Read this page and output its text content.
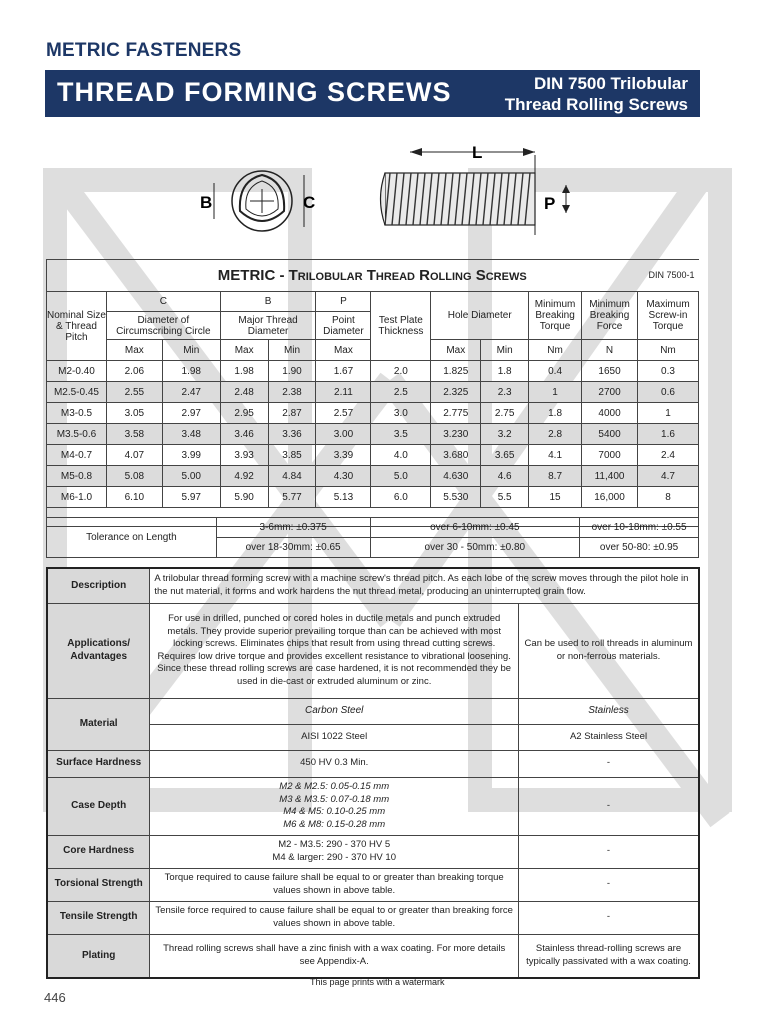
METRIC FASTENERS
THREAD FORMING SCREWS	DIN 7500 Trilobular
Thread Rolling Screws
B	C
L
P
METRIC - Trilobular Thread Rolling Screws											DIN 7500-1
Nominal Size & Thread Pitch	C		B		P	Test Plate Thickness	Hole Diameter		Minimum Breaking Torque	Minimum Breaking Force	Maximum Screw-in Torque
	Diameter of Circumscribing Circle		Major Thread Diameter		Point Diameter						
	Max	Min	Max	Min	Max		Max	Min	Nm	N	Nm
M2-0.40	2.06	1.98	1.98	1.90	1.67	2.0	1.825	1.8	0.4	1650	0.3
M2.5-0.45	2.55	2.47	2.48	2.38	2.11	2.5	2.325	2.3	1	2700	0.6
M3-0.5	3.05	2.97	2.95	2.87	2.57	3.0	2.775	2.75	1.8	4000	1
M3.5-0.6	3.58	3.48	3.46	3.36	3.00	3.5	3.230	3.2	2.8	5400	1.6
M4-0.7	4.07	3.99	3.93	3.85	3.39	4.0	3.680	3.65	4.1	7000	2.4
M5-0.8	5.08	5.00	4.92	4.84	4.30	5.0	4.630	4.6	8.7	11,400	4.7
M6-1.0	6.10	5.97	5.90	5.77	5.13	6.0	5.530	5.5	15	16,000	8

Tolerance on Length	3-6mm: ±0.375	over 6-10mm: ±0.45	over 10-18mm: ±0.55
	over 18-30mm: ±0.65	over 30 - 50mm: ±0.80	over 50-80: ±0.95
Description	A trilobular thread forming screw with a machine screw's thread pitch. As each lobe of the screw moves through the pilot hole in the nut material, it forms and work hardens the nut thread metal, producing an uninterrupted grain flow.	
Applications/ Advantages	For use in drilled, punched or cored holes in ductile metals and punch extruded metals. They provide superior prevailing torque than can be achieved with most locking screws. Eliminates chips that result from using thread cutting screws. Requires low drive torque and provides excellent resistance to vibrational loosening. Since these thread rolling screws are case hardened, it is not recommended they be used in die-cast or extruded aluminum or zinc.	Can be used to roll threads in aluminum or non-ferrous materials.
Material	Carbon Steel	Stainless
	AISI 1022 Steel	A2 Stainless Steel
Surface Hardness	450 HV 0.3 Min.	-
Case Depth	M2 & M2.5: 0.05-0.15 mm
M3 & M3.5: 0.07-0.18 mm
M4 & M5: 0.10-0.25 mm
M6 & M8: 0.15-0.28 mm	-
Core Hardness	M2 - M3.5: 290 - 370 HV 5
M4 & larger: 290 - 370 HV 10	-
Torsional Strength	Torque required to cause failure shall be equal to or greater than breaking torque values shown in above table.	-
Tensile Strength	Tensile force required to cause failure shall be equal to or greater than breaking force values shown in above table.	-
Plating	Thread rolling screws shall have a zinc finish with a wax coating. For more details see Appendix-A.	Stainless thread-rolling screws are typically passivated with a wax coating.
This page prints with a watermark
446
